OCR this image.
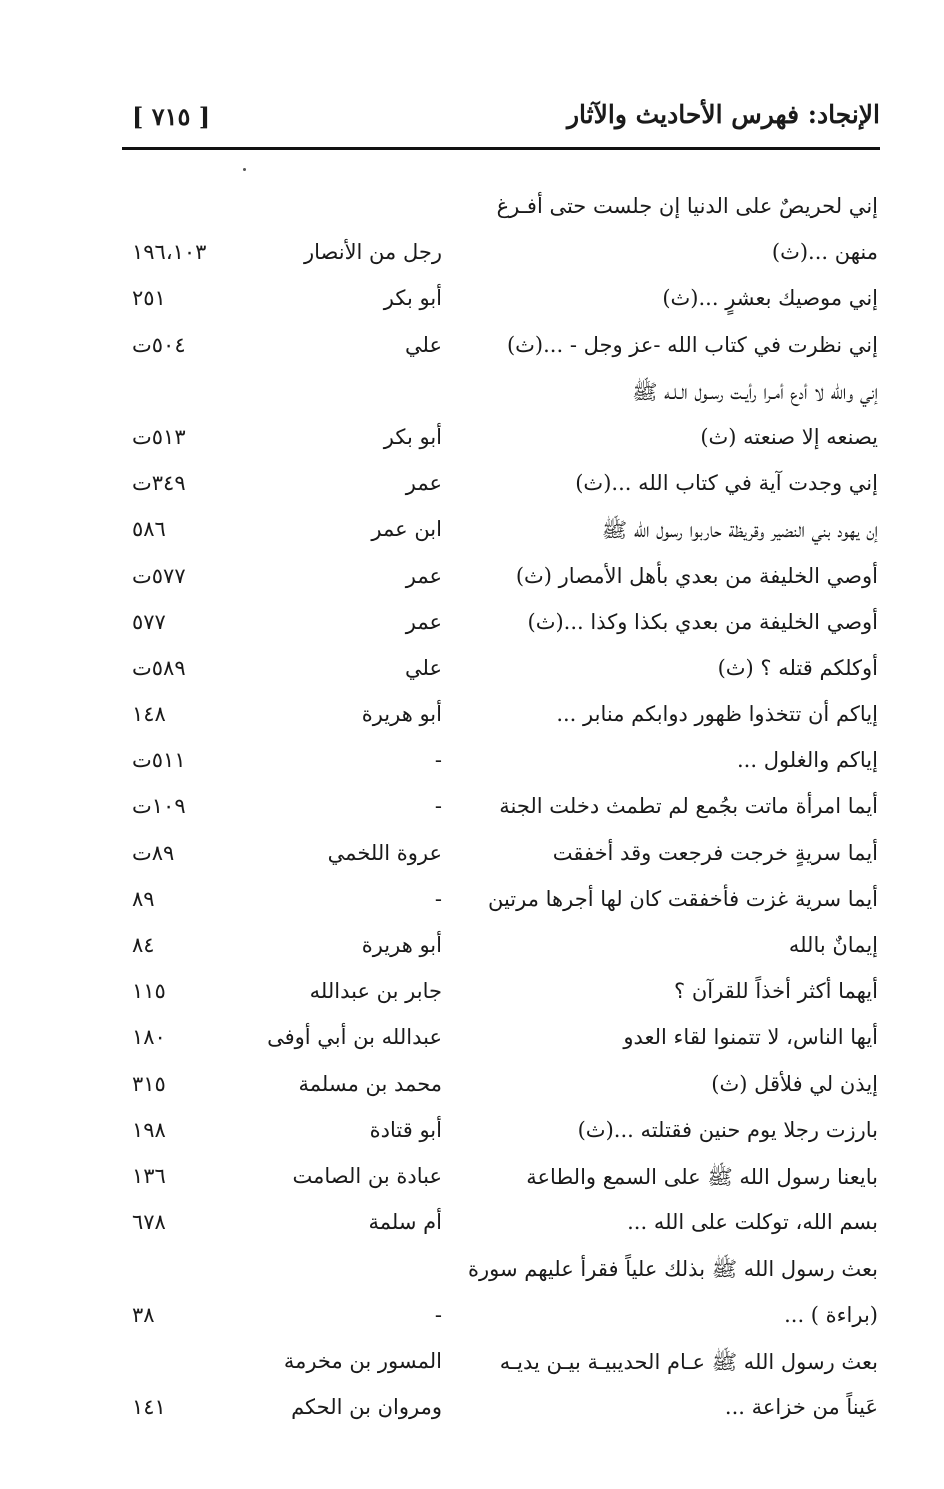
[ ٧١٥ ]	الإنجاد: فهرس الأحاديث والآثار
إني لحريصٌ على الدنيا إن جلست حتى أفـرغ
منهن ...(ث)
رجل من الأنصار
١٩٦،١٠٣
إني موصيك بعشرٍ ...(ث)
أبو بكر
٢٥١
إني نظرت في كتاب الله -عز وجل - ...(ث)
علي
٥٠٤ت
إني والله لا أدع أمـرا رأيـت رسـول الـلـه ﷺ
يصنعه إلا صنعته (ث)
أبو بكر
٥١٣ت
إني وجدت آية في كتاب الله ...(ث)
عمر
٣٤٩ت
إن يهود بني النضير وقريظة حاربوا رسول الله ﷺ
ابن عمر
٥٨٦
أوصي الخليفة من بعدي بأهل الأمصار (ث)
عمر
٥٧٧ت
أوصي الخليفة من بعدي بكذا وكذا ...(ث)
عمر
٥٧٧
أوكلكم قتله ؟ (ث)
علي
٥٨٩ت
إياكم أن تتخذوا ظهور دوابكم منابر ...
أبو هريرة
١٤٨
إياكم والغلول ...
-
٥١١ت
أيما امرأة ماتت بجُمع لم تطمث دخلت الجنة
-
١٠٩ت
أيما سريةٍ خرجت فرجعت وقد أخفقت
عروة اللخمي
٨٩ت
أيما سرية غزت فأخفقت كان لها أجرها مرتين
-
٨٩
إيمانٌ بالله
أبو هريرة
٨٤
أيهما أكثر أخذاً للقرآن ؟
جابر بن عبدالله
١١٥
أيها الناس، لا تتمنوا لقاء العدو
عبدالله بن أبي أوفى
١٨٠
إيذن لي فلأقل (ث)
محمد بن مسلمة
٣١٥
بارزت رجلا يوم حنين فقتلته ...(ث)
أبو قتادة
١٩٨
بايعنا رسول الله ﷺ على السمع والطاعة
عبادة بن الصامت
١٣٦
بسم الله، توكلت على الله ...
أم سلمة
٦٧٨
بعث رسول الله ﷺ بذلك علياً فقرأ عليهم سورة
(براءة ) ...
-
٣٨
بعث رسول الله ﷺ عـام الحديبيـة بيـن يديـه
المسور بن مخرمة
عَيناً من خزاعة ...
ومروان بن الحكم
١٤١
